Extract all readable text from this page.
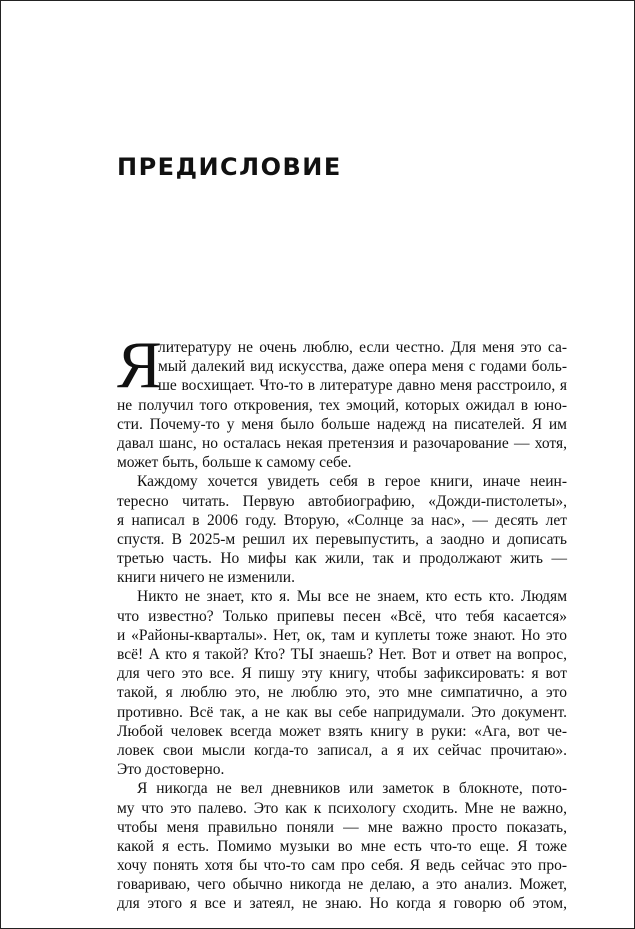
ПРЕДИСЛОВИЕ
Я
литературу не очень люблю, если честно. Для меня это са-
мый далекий вид искусства, даже опера меня с годами боль-
ше восхищает. Что-то в литературе давно меня расстроило, я
не получил того откровения, тех эмоций, которых ожидал в юно-
сти. Почему-то у меня было больше надежд на писателей. Я им
давал шанс, но осталась некая претензия и разочарование — хотя,
может быть, больше к самому себе.
Каждому хочется увидеть себя в герое книги, иначе неин-
тересно читать. Первую автобиографию, «Дожди-пистолеты»,
я написал в 2006 году. Вторую, «Солнце за нас», — десять лет
спустя. В 2025-м решил их перевыпустить, а заодно и дописать
третью часть. Но мифы как жили, так и продолжают жить —
книги ничего не изменили.
Никто не знает, кто я. Мы все не знаем, кто есть кто. Людям
что известно? Только припевы песен «Всё, что тебя касается»
и «Районы-кварталы». Нет, ок, там и куплеты тоже знают. Но это
всё! А кто я такой? Кто? ТЫ знаешь? Нет. Вот и ответ на вопрос,
для чего это все. Я пишу эту книгу, чтобы зафиксировать: я вот
такой, я люблю это, не люблю это, это мне симпатично, а это
противно. Всё так, а не как вы себе напридумали. Это документ.
Любой человек всегда может взять книгу в руки: «Ага, вот че-
ловек свои мысли когда-то записал, а я их сейчас прочитаю».
Это достоверно.
Я никогда не вел дневников или заметок в блокноте, пото-
му что это палево. Это как к психологу сходить. Мне не важно,
чтобы меня правильно поняли — мне важно просто показать,
какой я есть. Помимо музыки во мне есть что-то еще. Я тоже
хочу понять хотя бы что-то сам про себя. Я ведь сейчас это про-
говариваю, чего обычно никогда не делаю, а это анализ. Может,
для этого я все и затеял, не знаю. Но когда я говорю об этом,
